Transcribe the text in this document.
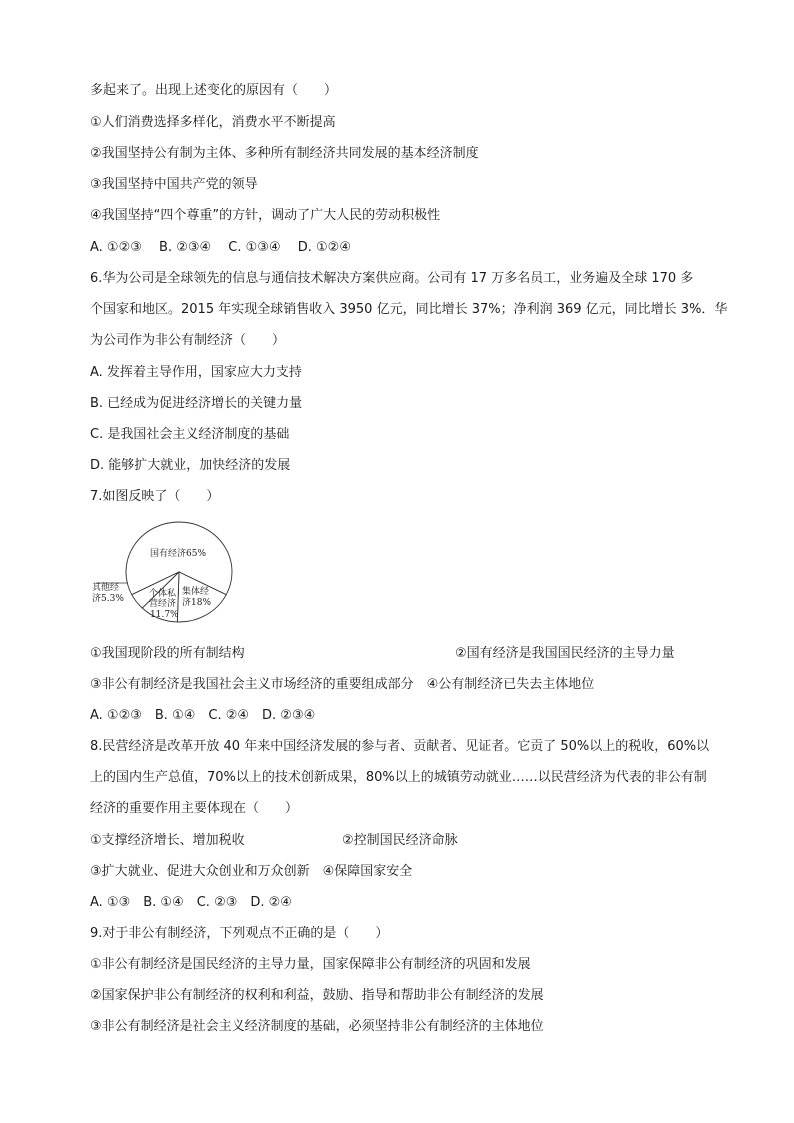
多起来了。出现上述变化的原因有（　　）
①人们消费选择多样化，消费水平不断提高
②我国坚持公有制为主体、多种所有制经济共同发展的基本经济制度
③我国坚持中国共产党的领导
④我国坚持“四个尊重”的方针，调动了广大人民的劳动积极性
A. ①②③　 B. ②③④　 C. ①③④　 D. ①②④
6.华为公司是全球领先的信息与通信技术解决方案供应商。公司有 17 万多名员工，业务遍及全球 170 多
个国家和地区。2015 年实现全球销售收入 3950 亿元，同比增长 37%；净利润 369 亿元，同比增长 3%．华
为公司作为非公有制经济（　　）
A. 发挥着主导作用，国家应大力支持
B. 已经成为促进经济增长的关键力量
C. 是我国社会主义经济制度的基础
D. 能够扩大就业，加快经济的发展
7.如图反映了（　　）
国有经济65%
集体经
济18%
个体私
营经济
11.7%
其他经
济5.3%
①我国现阶段的所有制结构	②国有经济是我国国民经济的主导力量
③非公有制经济是我国社会主义市场经济的重要组成部分　④公有制经济已失去主体地位
A. ①②③　B. ①④　C. ②④　D. ②③④
8.民营经济是改革开放 40 年来中国经济发展的参与者、贡献者、见证者。它贡了 50%以上的税收，60%以
上的国内生产总值，70%以上的技术创新成果，80%以上的城镇劳动就业……以民营经济为代表的非公有制
经济的重要作用主要体现在（　　）
①支撑经济增长、增加税收	②控制国民经济命脉
③扩大就业、促进大众创业和万众创新　④保障国家安全
A. ①③　B. ①④　C. ②③　D. ②④
9.对于非公有制经济，下列观点不正确的是（　　）
①非公有制经济是国民经济的主导力量，国家保障非公有制经济的巩固和发展
②国家保护非公有制经济的权利和利益，鼓励、指导和帮助非公有制经济的发展
③非公有制经济是社会主义经济制度的基础，必须坚持非公有制经济的主体地位
